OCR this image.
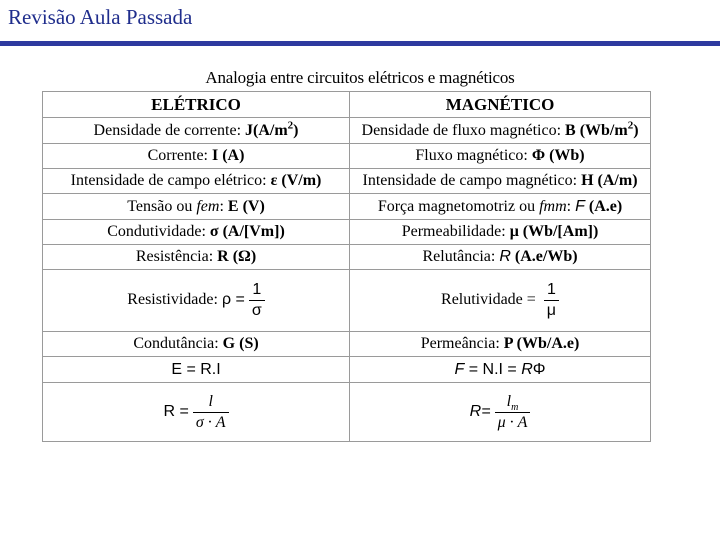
Revisão Aula Passada
Analogia entre circuitos elétricos e magnéticos
ELÉTRICO	MAGNÉTICO
Densidade de corrente: $J(A/m^2)$	Densidade de fluxo magnético: B $(Wb/m^2)$
Corrente: I (A)	Fluxo magnético: Φ (Wb)
Intensidade de campo elétrico: ε (V/m)	Intensidade de campo magnético: H (A/m)
Tensão ou fem: E (V)	Força magnetomotriz ou fmm: F (A.e)
Condutividade: σ (A/[Vm])	Permeabilidade: μ (Wb/[Am])
Resistência: R (Ω)	Relutância: R (A.e/Wb)
Resistividade: $\rho = \frac{1}{\sigma}$	Relutividade = $\frac{1}{\mu}$

Condutância: G (S)	Permeância: P (Wb/A.e)
E = R.I	F = N.I = RΦ
$R = \frac{l}{\sigma \cdot A}$	$R= \frac{l_m}{\mu \cdot A}$
